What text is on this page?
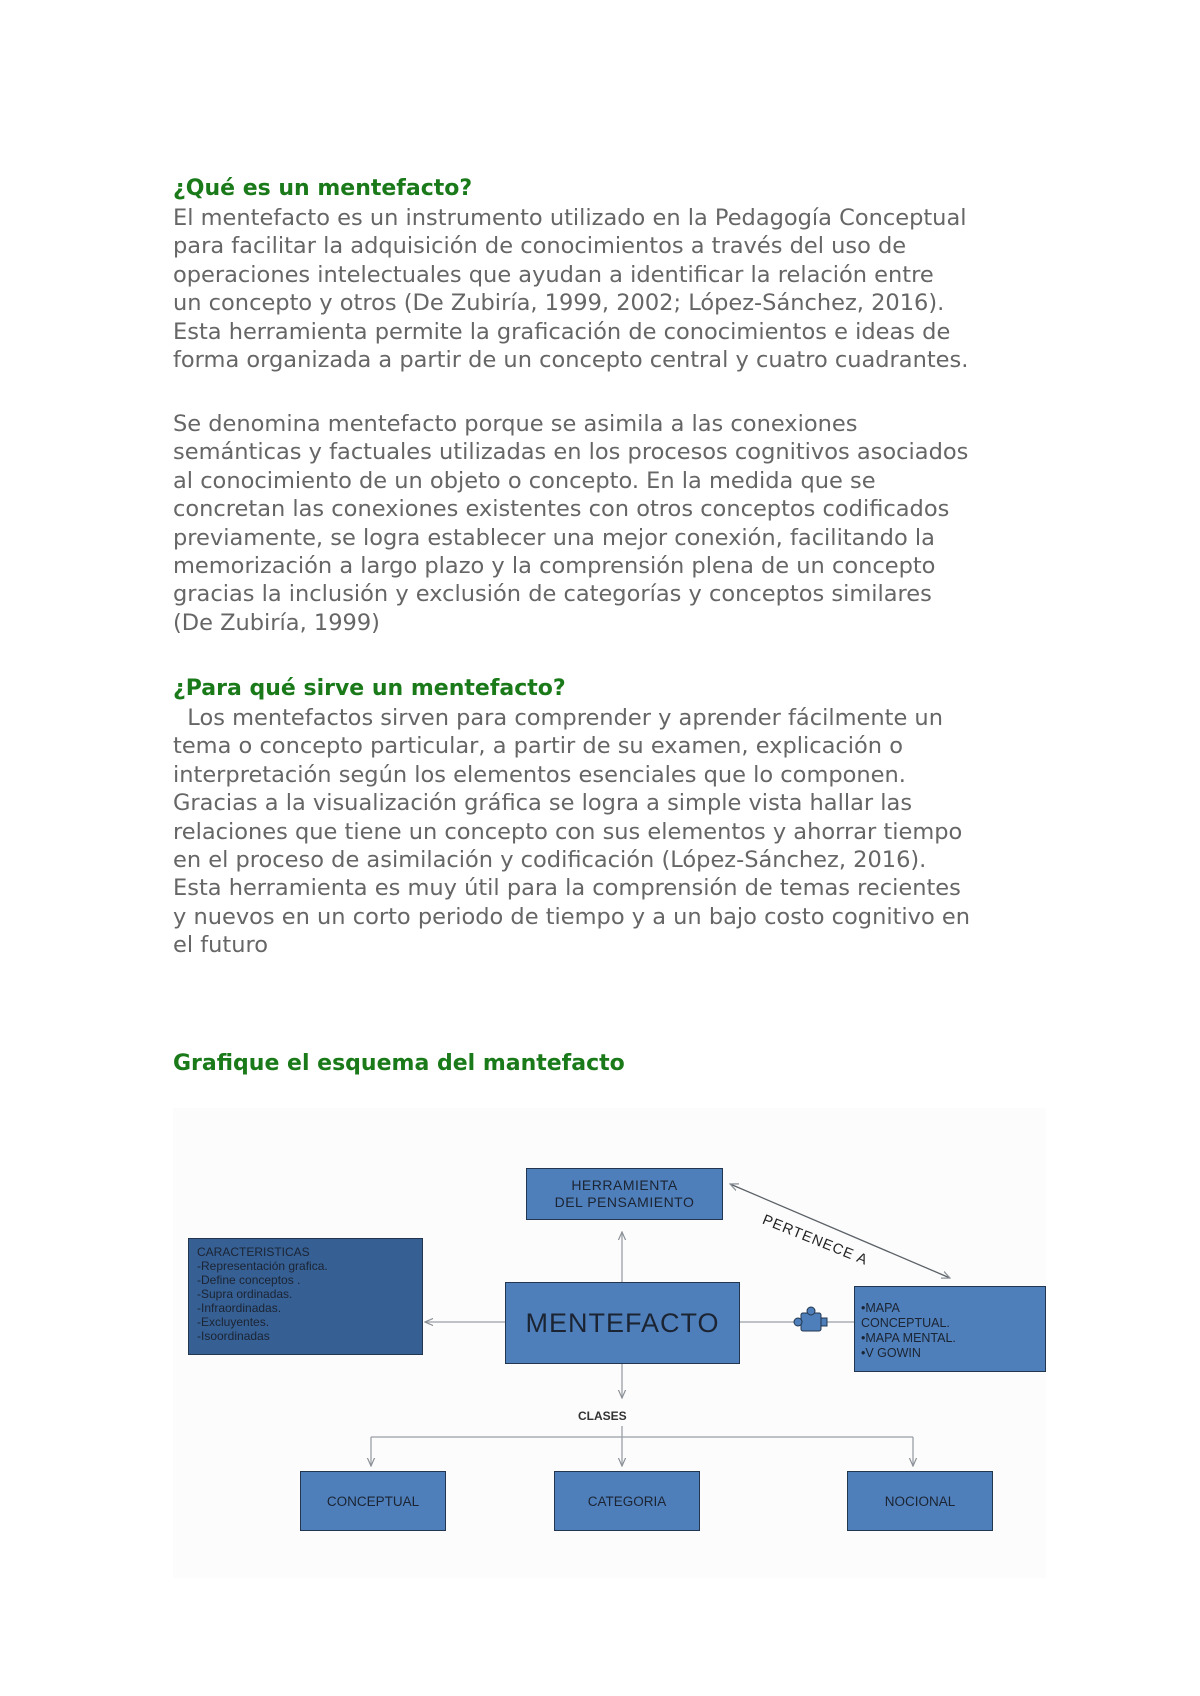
¿Qué es un mentefacto?

El mentefacto es un instrumento utilizado en la Pedagogía Conceptual
para facilitar la adquisición de conocimientos a través del uso de
operaciones intelectuales que ayudan a identificar la relación entre
un concepto y otros (De Zubiría, 1999, 2002; López-Sánchez, 2016).
Esta herramienta permite la graficación de conocimientos e ideas de
forma organizada a partir de un concepto central y cuatro cuadrantes.

Se denomina mentefacto porque se asimila a las conexiones
semánticas y factuales utilizadas en los procesos cognitivos asociados
al conocimiento de un objeto o concepto. En la medida que se
concretan las conexiones existentes con otros conceptos codificados
previamente, se logra establecer una mejor conexión, facilitando la
memorización a largo plazo y la comprensión plena de un concepto
gracias la inclusión y exclusión de categorías y conceptos similares
(De Zubiría, 1999)

¿Para qué sirve un mentefacto?

Los mentefactos sirven para comprender y aprender fácilmente un
tema o concepto particular, a partir de su examen, explicación o
interpretación según los elementos esenciales que lo componen.
Gracias a la visualización gráfica se logra a simple vista hallar las
relaciones que tiene un concepto con sus elementos y ahorrar tiempo
en el proceso de asimilación y codificación (López-Sánchez, 2016).
Esta herramienta es muy útil para la comprensión de temas recientes
y nuevos en un corto periodo de tiempo y a un bajo costo cognitivo en
el futuro

Grafique el esquema del mantefacto
HERRAMIENTA
DEL PENSAMIENTO
PERTENECE A
CARACTERISTICAS
-Representación grafica.
-Define conceptos .
-Supra ordinadas.
-Infraordinadas.
-Excluyentes.
-Isoordinadas	MENTEFACTO	•MAPA
CONCEPTUAL.
•MAPA MENTAL.
•V GOWIN
CLASES
CONCEPTUAL	CATEGORIA	NOCIONAL
